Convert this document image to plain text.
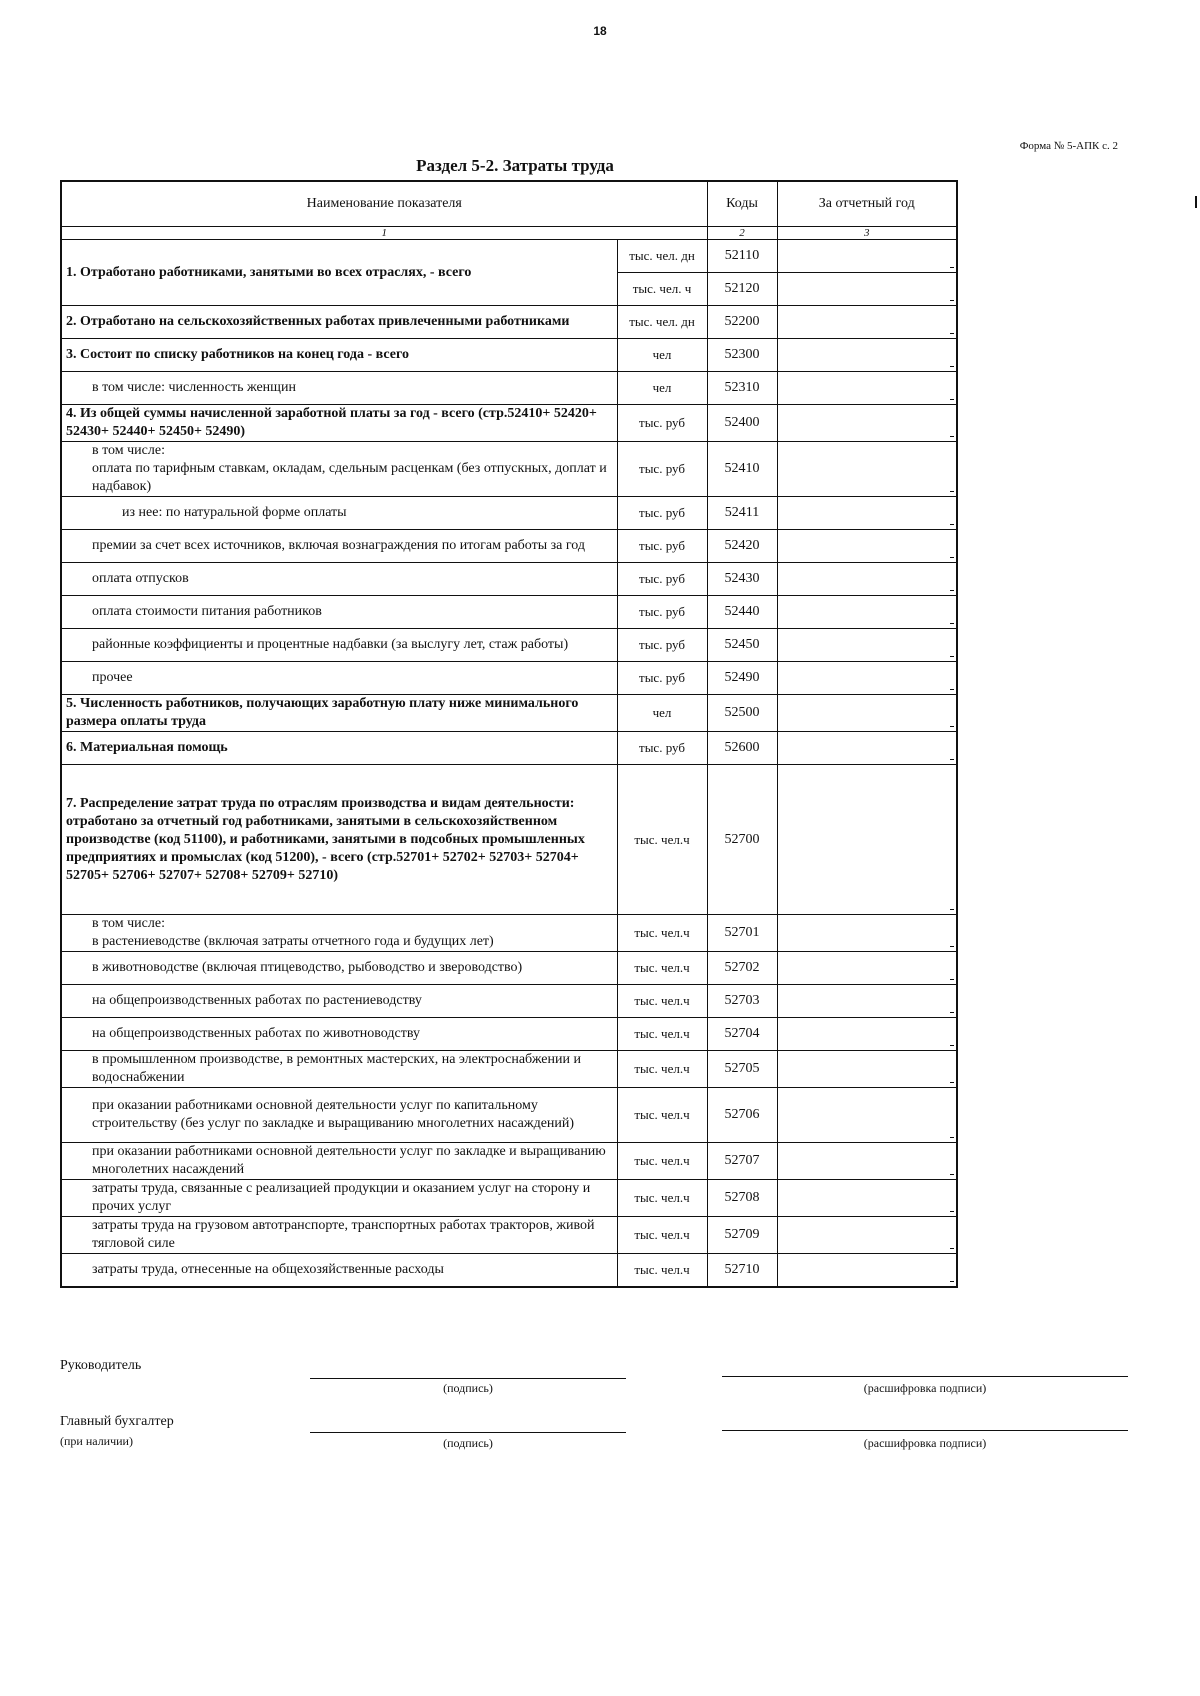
18
Форма № 5-АПК с. 2
Раздел 5-2. Затраты труда
Наименование показателя		Коды	За отчетный год
1		2	3
1. Отработано работниками, занятыми во всех отраслях, - всего	тыс. чел. дн	52110	
	тыс. чел. ч	52120	
2. Отработано на сельскохозяйственных работах привлеченными работниками	тыс. чел. дн	52200	
3. Состоит по списку работников на конец года - всего	чел	52300	
в том числе: численность женщин	чел	52310	
4. Из общей суммы начисленной заработной платы за год - всего (стр.52410+ 52420+ 52430+ 52440+ 52450+ 52490)	тыс. руб	52400	

в том числе:
оплата по тарифным ставкам, окладам, сдельным расценкам (без отпускных, доплат и надбавок)	тыс. руб	52410	
из нее: по натуральной форме оплаты	тыс. руб	52411	
премии за счет всех источников, включая вознаграждения по итогам работы за год	тыс. руб	52420	
оплата отпусков	тыс. руб	52430	
оплата стоимости питания работников	тыс. руб	52440	
районные коэффициенты и процентные надбавки (за выслугу лет, стаж работы)	тыс. руб	52450	
прочее	тыс. руб	52490	
5. Численность работников, получающих заработную плату ниже минимального размера оплаты труда	чел	52500	
6. Материальная помощь	тыс. руб	52600	
7. Распределение затрат труда по отраслям производства и видам деятельности: отработано за отчетный год работниками, занятыми в сельскохозяйственном производстве (код 51100), и работниками, занятыми в подсобных промышленных предприятиях и промыслах (код 51200), - всего (стр.52701+ 52702+ 52703+ 52704+ 52705+ 52706+ 52707+ 52708+ 52709+ 52710)	тыс. чел.ч	52700	

в том числе:
в растениеводстве (включая затраты отчетного года и будущих лет)	тыс. чел.ч	52701	
в животноводстве (включая птицеводство, рыбоводство и звероводство)	тыс. чел.ч	52702	
на общепроизводственных работах по растениеводству	тыс. чел.ч	52703	
на общепроизводственных работах по животноводству	тыс. чел.ч	52704	
в промышленном производстве, в ремонтных мастерских, на электроснабжении и водоснабжении	тыс. чел.ч	52705	
при оказании работниками основной деятельности услуг по капитальному строительству (без услуг по закладке и выращиванию многолетних насаждений)	тыс. чел.ч	52706	
при оказании работниками основной деятельности услуг по закладке и выращиванию многолетних насаждений	тыс. чел.ч	52707	
затраты труда, связанные с реализацией продукции и оказанием услуг на сторону и прочих услуг	тыс. чел.ч	52708	
затраты труда на грузовом автотранспорте, транспортных работах тракторов, живой тягловой силе	тыс. чел.ч	52709	
затраты труда, отнесенные на общехозяйственные расходы	тыс. чел.ч	52710	
Руководитель
(подпись)	(расшифровка подписи)
Главный бухгалтер
(при наличии)	(подпись)	(расшифровка подписи)
